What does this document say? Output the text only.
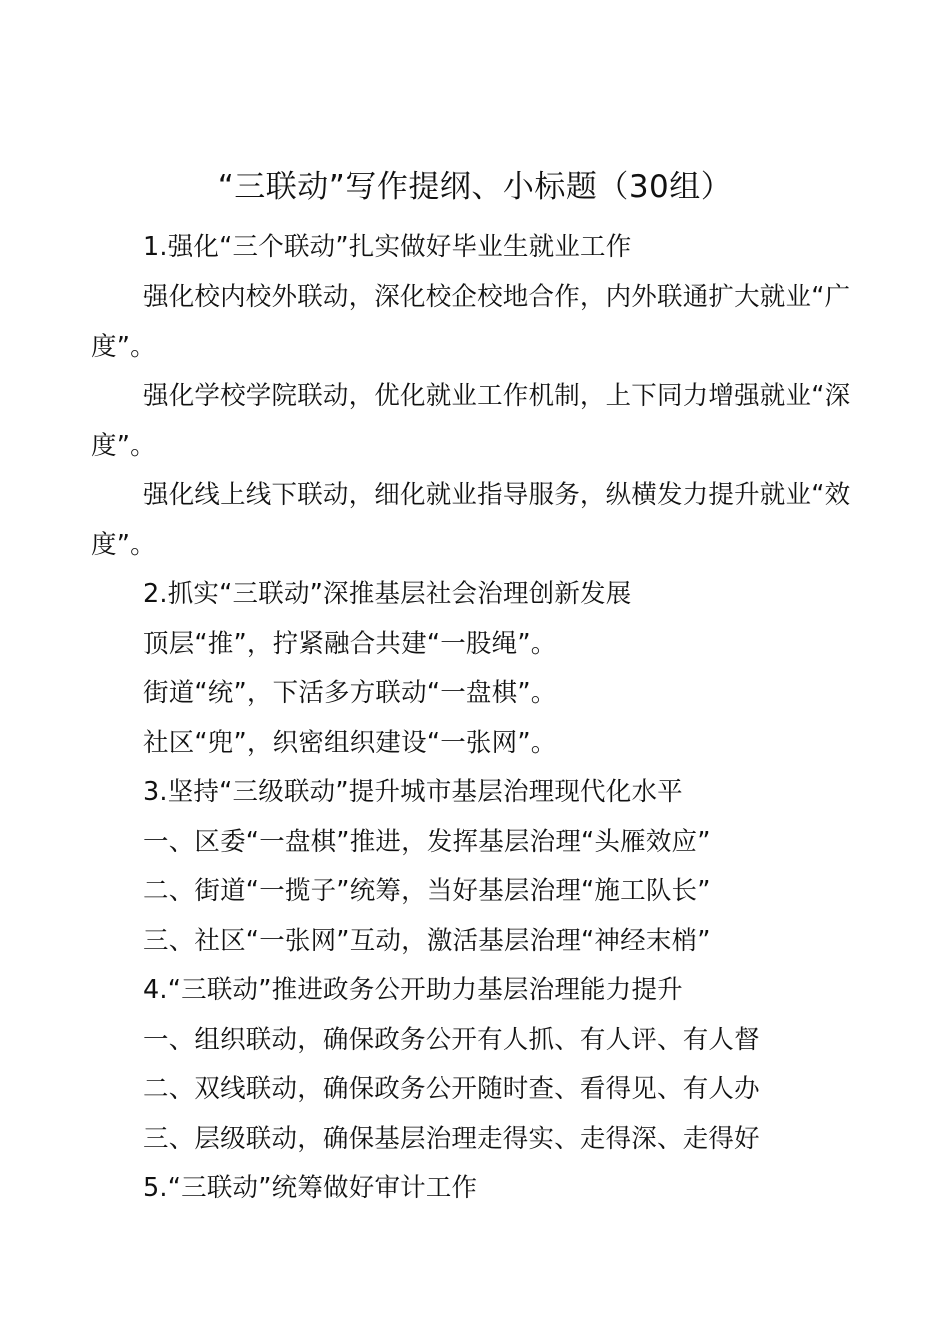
“三联动”写作提纲、小标题（30组）
1.强化“三个联动”扎实做好毕业生就业工作
强化校内校外联动，深化校企校地合作，内外联通扩大就业“广
度”。
强化学校学院联动，优化就业工作机制，上下同力增强就业“深
度”。
强化线上线下联动，细化就业指导服务，纵横发力提升就业“效
度”。
2.抓实“三联动”深推基层社会治理创新发展
顶层“推”，拧紧融合共建“一股绳”。
街道“统”，下活多方联动“一盘棋”。
社区“兜”，织密组织建设“一张网”。
3.坚持“三级联动”提升城市基层治理现代化水平
一、区委“一盘棋”推进，发挥基层治理“头雁效应”
二、街道“一揽子”统筹，当好基层治理“施工队长”
三、社区“一张网”互动，激活基层治理“神经末梢”
4.“三联动”推进政务公开助力基层治理能力提升
一、组织联动，确保政务公开有人抓、有人评、有人督
二、双线联动，确保政务公开随时查、看得见、有人办
三、层级联动，确保基层治理走得实、走得深、走得好
5.“三联动”统筹做好审计工作
